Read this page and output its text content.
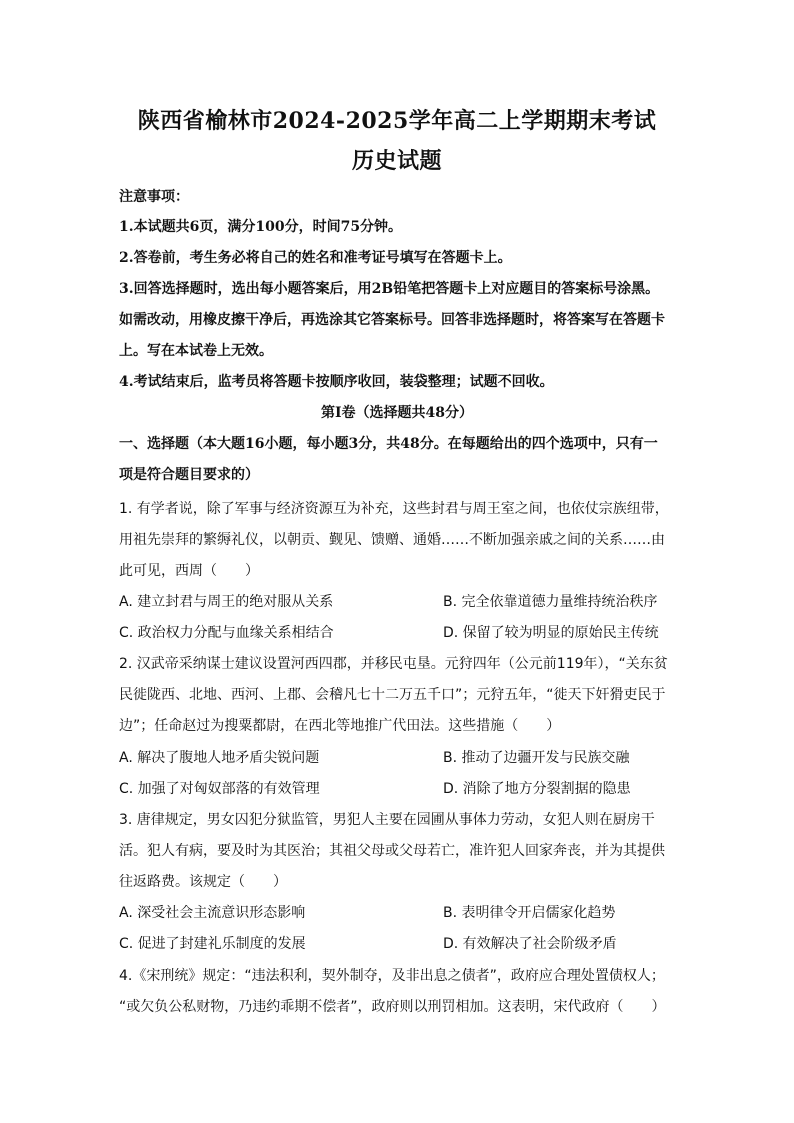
陕西省榆林市2024-2025学年高二上学期期末考试
历史试题
注意事项：
1.本试题共6页，满分100分，时间75分钟。
2.答卷前，考生务必将自己的姓名和准考证号填写在答题卡上。
3.回答选择题时，选出每小题答案后，用2B铅笔把答题卡上对应题目的答案标号涂黑。
如需改动，用橡皮擦干净后，再选涂其它答案标号。回答非选择题时，将答案写在答题卡
上。写在本试卷上无效。
4.考试结束后，监考员将答题卡按顺序收回，装袋整理；试题不回收。
第Ⅰ卷（选择题共48分）
一、选择题（本大题16小题，每小题3分，共48分。在每题给出的四个选项中，只有一
项是符合题目要求的）
1. 有学者说，除了军事与经济资源互为补充，这些封君与周王室之间，也依仗宗族纽带，
用祖先崇拜的繁缛礼仪，以朝贡、觐见、馈赠、通婚……不断加强亲戚之间的关系……由
此可见，西周（　　）
A. 建立封君与周王的绝对服从关系	B. 完全依靠道德力量维持统治秩序
C. 政治权力分配与血缘关系相结合	D. 保留了较为明显的原始民主传统
2. 汉武帝采纳谋士建议设置河西四郡，并移民屯垦。元狩四年（公元前119年），“关东贫
民徙陇西、北地、西河、上郡、会稽凡七十二万五千口”；元狩五年，“徙天下奸猾吏民于
边”；任命赵过为搜粟都尉，在西北等地推广代田法。这些措施（　　）
A. 解决了腹地人地矛盾尖锐问题	B. 推动了边疆开发与民族交融
C. 加强了对匈奴部落的有效管理	D. 消除了地方分裂割据的隐患
3. 唐律规定，男女囚犯分狱监管，男犯人主要在园圃从事体力劳动，女犯人则在厨房干
活。犯人有病，要及时为其医治；其祖父母或父母若亡，准许犯人回家奔丧，并为其提供
往返路费。该规定（　　）
A. 深受社会主流意识形态影响	B. 表明律令开启儒家化趋势
C. 促进了封建礼乐制度的发展	D. 有效解决了社会阶级矛盾
4.《宋刑统》规定：“违法积利，契外制夺，及非出息之债者”，政府应合理处置债权人；
“或欠负公私财物，乃违约乖期不偿者”，政府则以刑罚相加。这表明，宋代政府（　　）
